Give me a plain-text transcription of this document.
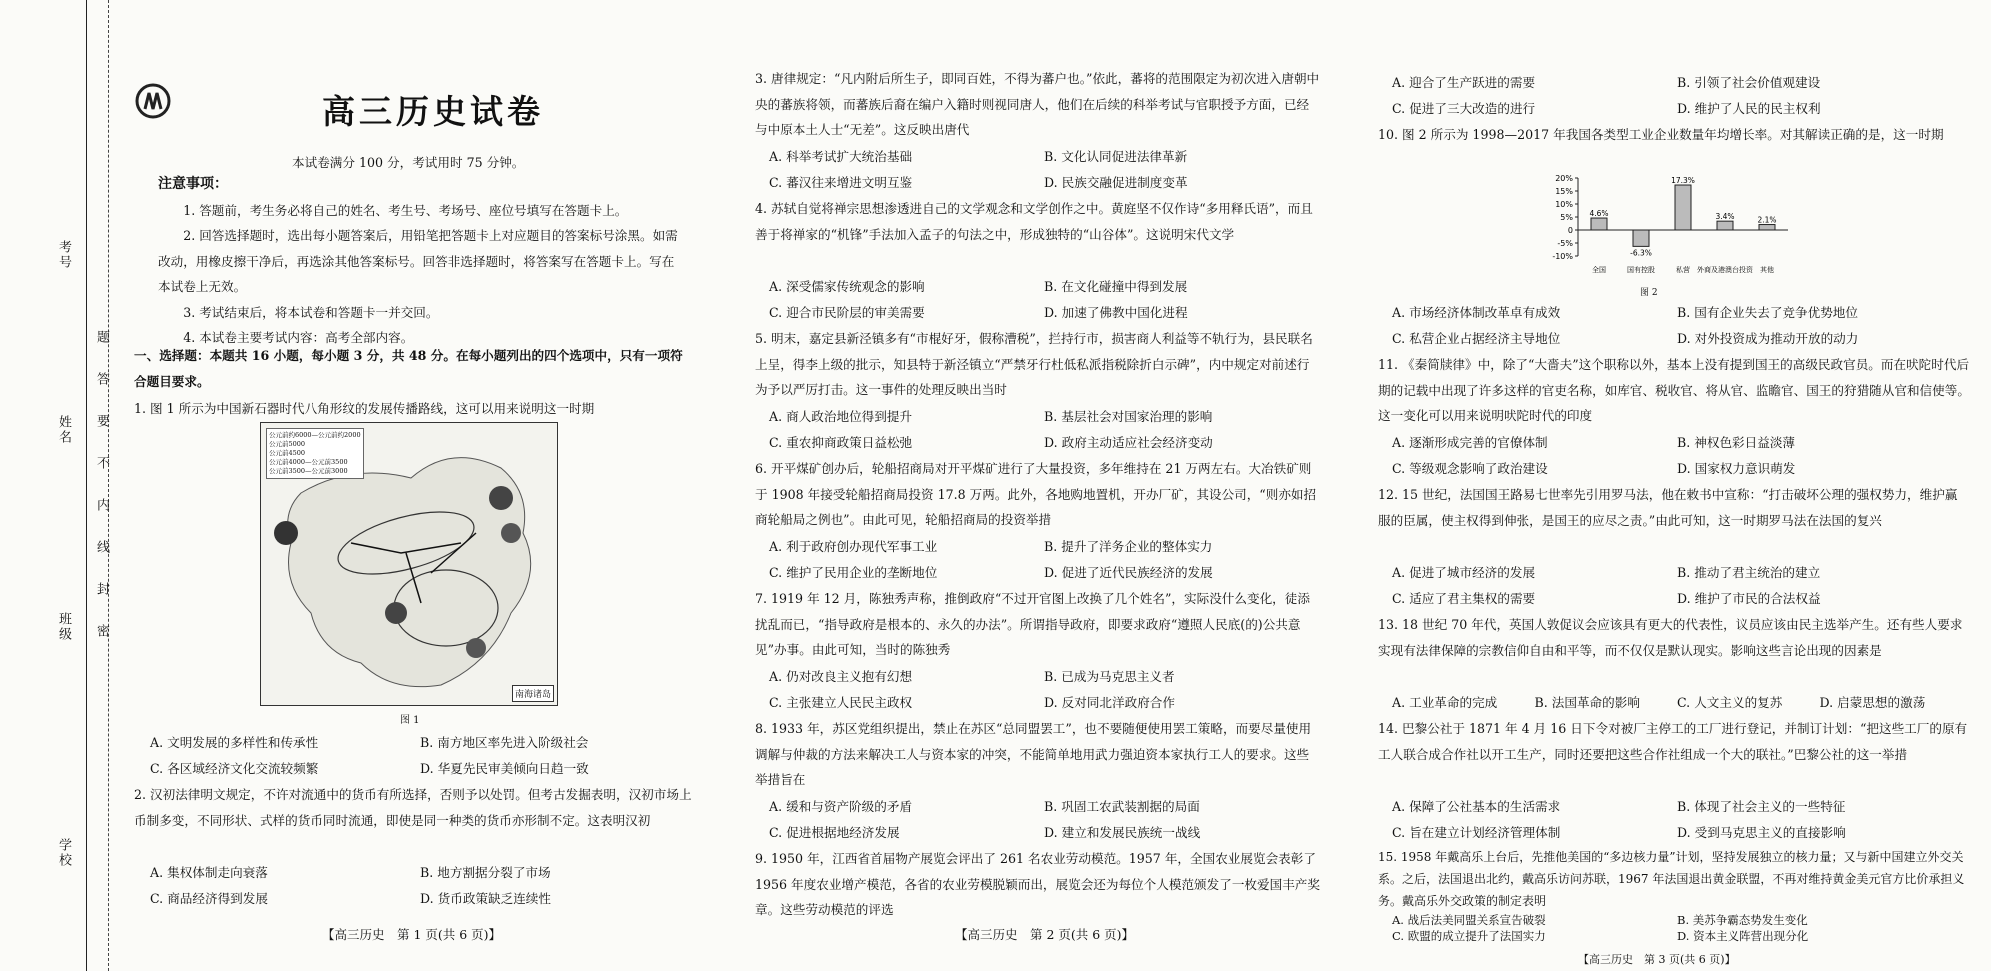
考号
姓名
班级
学校
题
答
要
不
内
线
封
密
高三历史试卷
本试卷满分 100 分，考试用时 75 分钟。
注意事项：
1. 答题前，考生务必将自己的姓名、考生号、考场号、座位号填写在答题卡上。
2. 回答选择题时，选出每小题答案后，用铅笔把答题卡上对应题目的答案标号涂黑。如需改动，用橡皮擦干净后，再选涂其他答案标号。回答非选择题时，将答案写在答题卡上。写在本试卷上无效。
3. 考试结束后，将本试卷和答题卡一并交回。
4. 本试卷主要考试内容：高考全部内容。
一、选择题：本题共 16 小题，每小题 3 分，共 48 分。在每小题列出的四个选项中，只有一项符合题目要求。
1. 图 1 所示为中国新石器时代八角形纹的发展传播路线，这可以用来说明这一时期
公元前约6000—公元前约2000
公元前5000
公元前4500
公元前4000—公元前3500
公元前3500—公元前3000
南海诸岛
图 1
A. 文明发展的多样性和传承性	B. 南方地区率先进入阶级社会
C. 各区域经济文化交流较频繁	D. 华夏先民审美倾向日趋一致
2. 汉初法律明文规定，不许对流通中的货币有所选择，否则予以处罚。但考古发掘表明，汉初市场上币制多变，不同形状、式样的货币同时流通，即使是同一种类的货币亦形制不定。这表明汉初
A. 集权体制走向衰落	B. 地方割据分裂了市场
C. 商品经济得到发展	D. 货币政策缺乏连续性
【高三历史　第 1 页(共 6 页)】
3. 唐律规定：“凡内附后所生子，即同百姓，不得为蕃户也。”依此，蕃将的范围限定为初次进入唐朝中央的蕃族将领，而蕃族后裔在编户入籍时则视同唐人，他们在后续的科举考试与官职授予方面，已经与中原本土人士“无差”。这反映出唐代
A. 科举考试扩大统治基础	B. 文化认同促进法律革新
C. 蕃汉往来增进文明互鉴	D. 民族交融促进制度变革
4. 苏轼自觉将禅宗思想渗透进自己的文学观念和文学创作之中。黄庭坚不仅作诗“多用释氏语”，而且善于将禅家的“机锋”手法加入孟子的句法之中，形成独特的“山谷体”。这说明宋代文学
A. 深受儒家传统观念的影响	B. 在文化碰撞中得到发展
C. 迎合市民阶层的审美需要	D. 加速了佛教中国化进程
5. 明末，嘉定县新泾镇多有“市棍好牙，假称漕税”，拦持行市，损害商人利益等不轨行为，县民联名上呈，得李上级的批示，知县特于新泾镇立“严禁牙行杜低私派指税除折白示碑”，内中规定对前述行为予以严厉打击。这一事件的处理反映出当时
A. 商人政治地位得到提升	B. 基层社会对国家治理的影响
C. 重农抑商政策日益松弛	D. 政府主动适应社会经济变动
6. 开平煤矿创办后，轮船招商局对开平煤矿进行了大量投资，多年维持在 21 万两左右。大冶铁矿则于 1908 年接受轮船招商局投资 17.8 万两。此外，各地购地置机，开办厂矿，其设公司，“则亦如招商轮船局之例也”。由此可见，轮船招商局的投资举措
A. 利于政府创办现代军事工业	B. 提升了洋务企业的整体实力
C. 维护了民用企业的垄断地位	D. 促进了近代民族经济的发展
7. 1919 年 12 月，陈独秀声称，推倒政府“不过开官图上改换了几个姓名”，实际没什么变化，徒添扰乱而已，“指导政府是根本的、永久的办法”。所谓指导政府，即要求政府“遵照人民底(的)公共意见”办事。由此可知，当时的陈独秀
A. 仍对改良主义抱有幻想	B. 已成为马克思主义者
C. 主张建立人民民主政权	D. 反对同北洋政府合作
8. 1933 年，苏区党组织提出，禁止在苏区“总同盟罢工”，也不要随便使用罢工策略，而要尽量使用调解与仲裁的方法来解决工人与资本家的冲突，不能简单地用武力强迫资本家执行工人的要求。这些举措旨在
A. 缓和与资产阶级的矛盾	B. 巩固工农武装割据的局面
C. 促进根据地经济发展	D. 建立和发展民族统一战线
9. 1950 年，江西省首届物产展览会评出了 261 名农业劳动模范。1957 年，全国农业展览会表彰了 1956 年度农业增产模范，各省的农业劳模脱颖而出，展览会还为每位个人模范颁发了一枚爱国丰产奖章。这些劳动模范的评选
【高三历史　第 2 页(共 6 页)】
A. 迎合了生产跃进的需要	B. 引领了社会价值观建设
C. 促进了三大改造的进行	D. 维护了人民的民主权利
10. 图 2 所示为 1998—2017 年我国各类型工业企业数量年均增长率。对其解读正确的是，这一时期
20%
15%
10%
5%
0
-5%
-10%
4.6%
全国
-6.3%
国有控股
17.3%
私营
3.4%
外商及港澳台投资
2.1%
其他
图 2
A. 市场经济体制改革卓有成效	B. 国有企业失去了竞争优势地位
C. 私营企业占据经济主导地位	D. 对外投资成为推动开放的动力
11. 《秦简牍律》中，除了“大嗇夫”这个职称以外，基本上没有提到国王的高级民政官员。而在吠陀时代后期的记载中出现了许多这样的官吏名称，如库官、税收官、将从官、监瞻官、国王的狩猎随从官和信使等。这一变化可以用来说明吠陀时代的印度
A. 逐渐形成完善的官僚体制	B. 神权色彩日益淡薄
C. 等级观念影响了政治建设	D. 国家权力意识萌发
12. 15 世纪，法国国王路易七世率先引用罗马法，他在敕书中宣称：“打击破坏公理的强权势力，维护赢服的臣属，使主权得到伸张，是国王的应尽之责。”由此可知，这一时期罗马法在法国的复兴
A. 促进了城市经济的发展	B. 推动了君主统治的建立
C. 适应了君主集权的需要	D. 维护了市民的合法权益
13. 18 世纪 70 年代，英国人敦促议会应该具有更大的代表性，议员应该由民主选举产生。还有些人要求实现有法律保障的宗教信仰自由和平等，而不仅仅是默认现实。影响这些言论出现的因素是
A. 工业革命的完成	B. 法国革命的影响	C. 人文主义的复苏	D. 启蒙思想的激荡
14. 巴黎公社于 1871 年 4 月 16 日下令对被厂主停工的工厂进行登记，并制订计划：“把这些工厂的原有工人联合成合作社以开工生产，同时还要把这些合作社组成一个大的联社。”巴黎公社的这一举措
A. 保障了公社基本的生活需求	B. 体现了社会主义的一些特征
C. 旨在建立计划经济管理体制	D. 受到马克思主义的直接影响
15. 1958 年戴高乐上台后，先推他美国的“多边核力量”计划，坚持发展独立的核力量；又与新中国建立外交关系。之后，法国退出北约，戴高乐访问苏联，1967 年法国退出黄金联盟，不再对维持黄金美元官方比价承担义务。戴高乐外交政策的制定表明
A. 战后法美同盟关系宣告破裂	B. 美苏争霸态势发生变化
C. 欧盟的成立提升了法国实力	D. 资本主义阵营出现分化
【高三历史　第 3 页(共 6 页)】
